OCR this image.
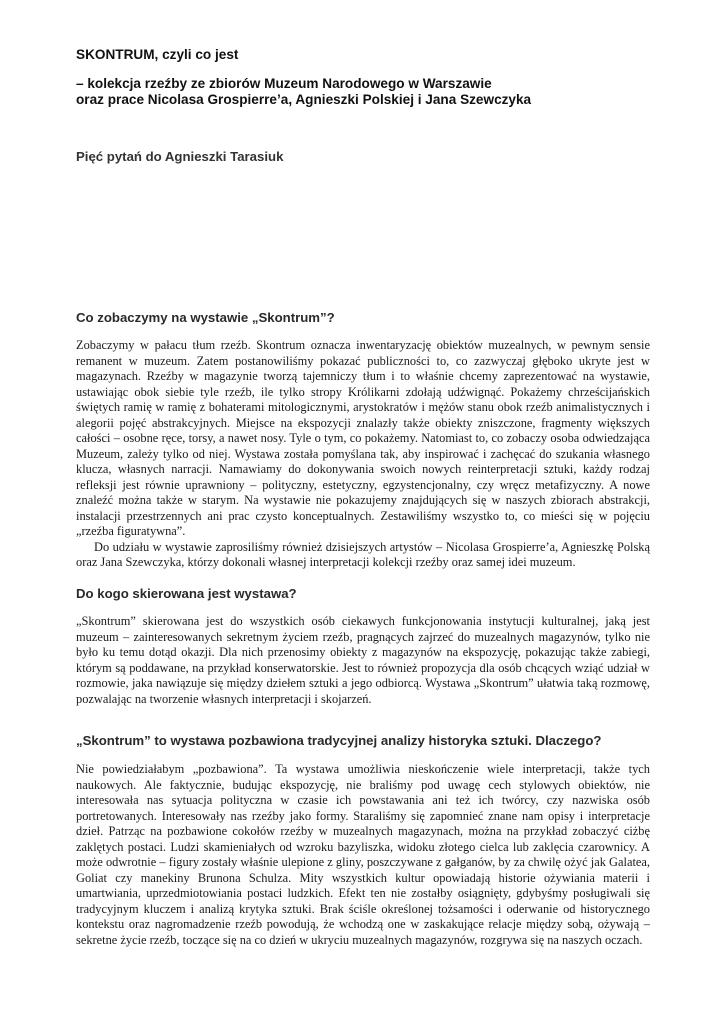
SKONTRUM, czyli co jest
– kolekcja rzeźby ze zbiorów Muzeum Narodowego w Warszawie
oraz prace Nicolasa Grospierre’a, Agnieszki Polskiej i Jana Szewczyka
Pięć pytań do Agnieszki Tarasiuk
Co zobaczymy na wystawie „Skontrum”?

Zobaczymy w pałacu tłum rzeźb. Skontrum oznacza inwentaryzację obiektów muzealnych, w pewnym sensie remanent w muzeum. Zatem postanowiliśmy pokazać publiczności to, co zazwyczaj głęboko ukryte jest w magazynach. Rzeźby w magazynie tworzą tajemniczy tłum i to właśnie chcemy zaprezentować na wystawie, ustawiając obok siebie tyle rzeźb, ile tylko stropy Królikarni zdołają udźwignąć. Pokażemy chrześcijańskich świętych ramię w ramię z bohaterami mitologicznymi, arystokratów i mężów stanu obok rzeźb animalistycznych i alegorii pojęć abstrakcyjnych. Miejsce na ekspozycji znalazły także obiekty zniszczone, fragmenty większych całości – osobne ręce, torsy, a nawet nosy. Tyle o tym, co pokażemy. Natomiast to, co zobaczy osoba odwiedzająca Muzeum, zależy tylko od niej. Wystawa została pomyślana tak, aby inspirować i zachęcać do szukania własnego klucza, własnych narracji. Namawiamy do dokonywania swoich nowych reinterpretacji sztuki, każdy rodzaj refleksji jest równie uprawniony – polityczny, estetyczny, egzystencjonalny, czy wręcz metafizyczny. A nowe znaleźć można także w starym. Na wystawie nie pokazujemy znajdujących się w naszych zbiorach abstrakcji, instalacji przestrzennych ani prac czysto konceptualnych. Zestawiliśmy wszystko to, co mieści się w pojęciu „rzeźba figuratywna”.

Do udziału w wystawie zaprosiliśmy również dzisiejszych artystów – Nicolasa Grospierre’a, Agnieszkę Polską oraz Jana Szewczyka, którzy dokonali własnej interpretacji kolekcji rzeźby oraz samej idei muzeum.

Do kogo skierowana jest wystawa?

„Skontrum” skierowana jest do wszystkich osób ciekawych funkcjonowania instytucji kulturalnej, jaką jest muzeum – zainteresowanych sekretnym życiem rzeźb, pragnących zajrzeć do muzealnych magazynów, tylko nie było ku temu dotąd okazji. Dla nich przenosimy obiekty z magazynów na ekspozycję, pokazując także zabiegi, którym są poddawane, na przykład konserwatorskie. Jest to również propozycja dla osób chcących wziąć udział w rozmowie, jaka nawiązuje się między dziełem sztuki a jego odbiorcą. Wystawa „Skontrum” ułatwia taką rozmowę, pozwalając na tworzenie własnych interpretacji i skojarzeń.

„Skontrum” to wystawa pozbawiona tradycyjnej analizy historyka sztuki. Dlaczego?

Nie powiedziałabym „pozbawiona”. Ta wystawa umożliwia nieskończenie wiele interpretacji, także tych naukowych. Ale faktycznie, budując ekspozycję, nie braliśmy pod uwagę cech stylowych obiektów, nie interesowała nas sytuacja polityczna w czasie ich powstawania ani też ich twórcy, czy nazwiska osób portretowanych. Interesowały nas rzeźby jako formy. Staraliśmy się zapomnieć znane nam opisy i interpretacje dzieł. Patrząc na pozbawione cokołów rzeźby w muzealnych magazynach, można na przykład zobaczyć ciżbę zaklętych postaci. Ludzi skamieniałych od wzroku bazyliszka, widoku złotego cielca lub zaklęcia czarownicy. A może odwrotnie – figury zostały właśnie ulepione z gliny, poszczywane z gałganów, by za chwilę ożyć jak Galatea, Goliat czy manekiny Brunona Schulza. Mity wszystkich kultur opowiadają historie ożywiania materii i umartwiania, uprzedmiotowiania postaci ludzkich. Efekt ten nie zostałby osiągnięty, gdybyśmy posługiwali się tradycyjnym kluczem i analizą krytyka sztuki. Brak ściśle określonej tożsamości i oderwanie od historycznego kontekstu oraz nagromadzenie rzeźb powodują, że wchodzą one w zaskakujące relacje między sobą, ożywają – sekretne życie rzeźb, toczące się na co dzień w ukryciu muzealnych magazynów, rozgrywa się na naszych oczach.
